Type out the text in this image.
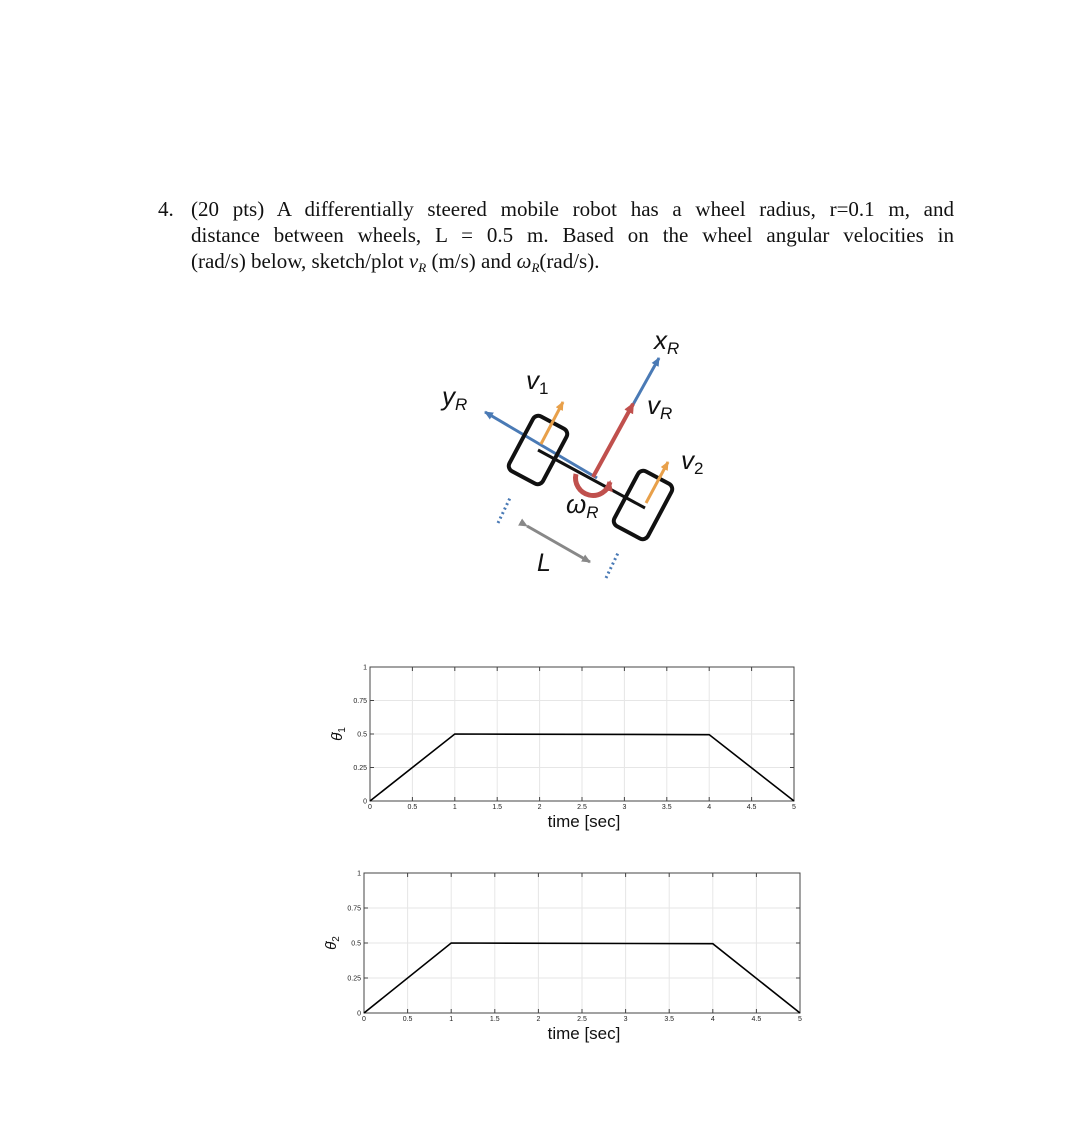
4. (20 pts) A differentially steered mobile robot has a wheel radius, r=0.1 m, and
distance between wheels, L = 0.5 m. Based on the wheel angular velocities in
(rad/s) below, sketch/plot $v_R$ (m/s) and $\omega_R(rad/s)$.
xR
yR
v1
vR
v2
ωR
L
0	0.5	1	1.5	2	2.5	3	3.5	4	4.5	5
0
0.25
0.5
0.75
1
time [sec]
$\thetȧ_1$
0	0.5	1	1.5	2	2.5	3	3.5	4	4.5	5
0
0.25
0.5
0.75
1
time [sec]
$\thetȧ_2$
